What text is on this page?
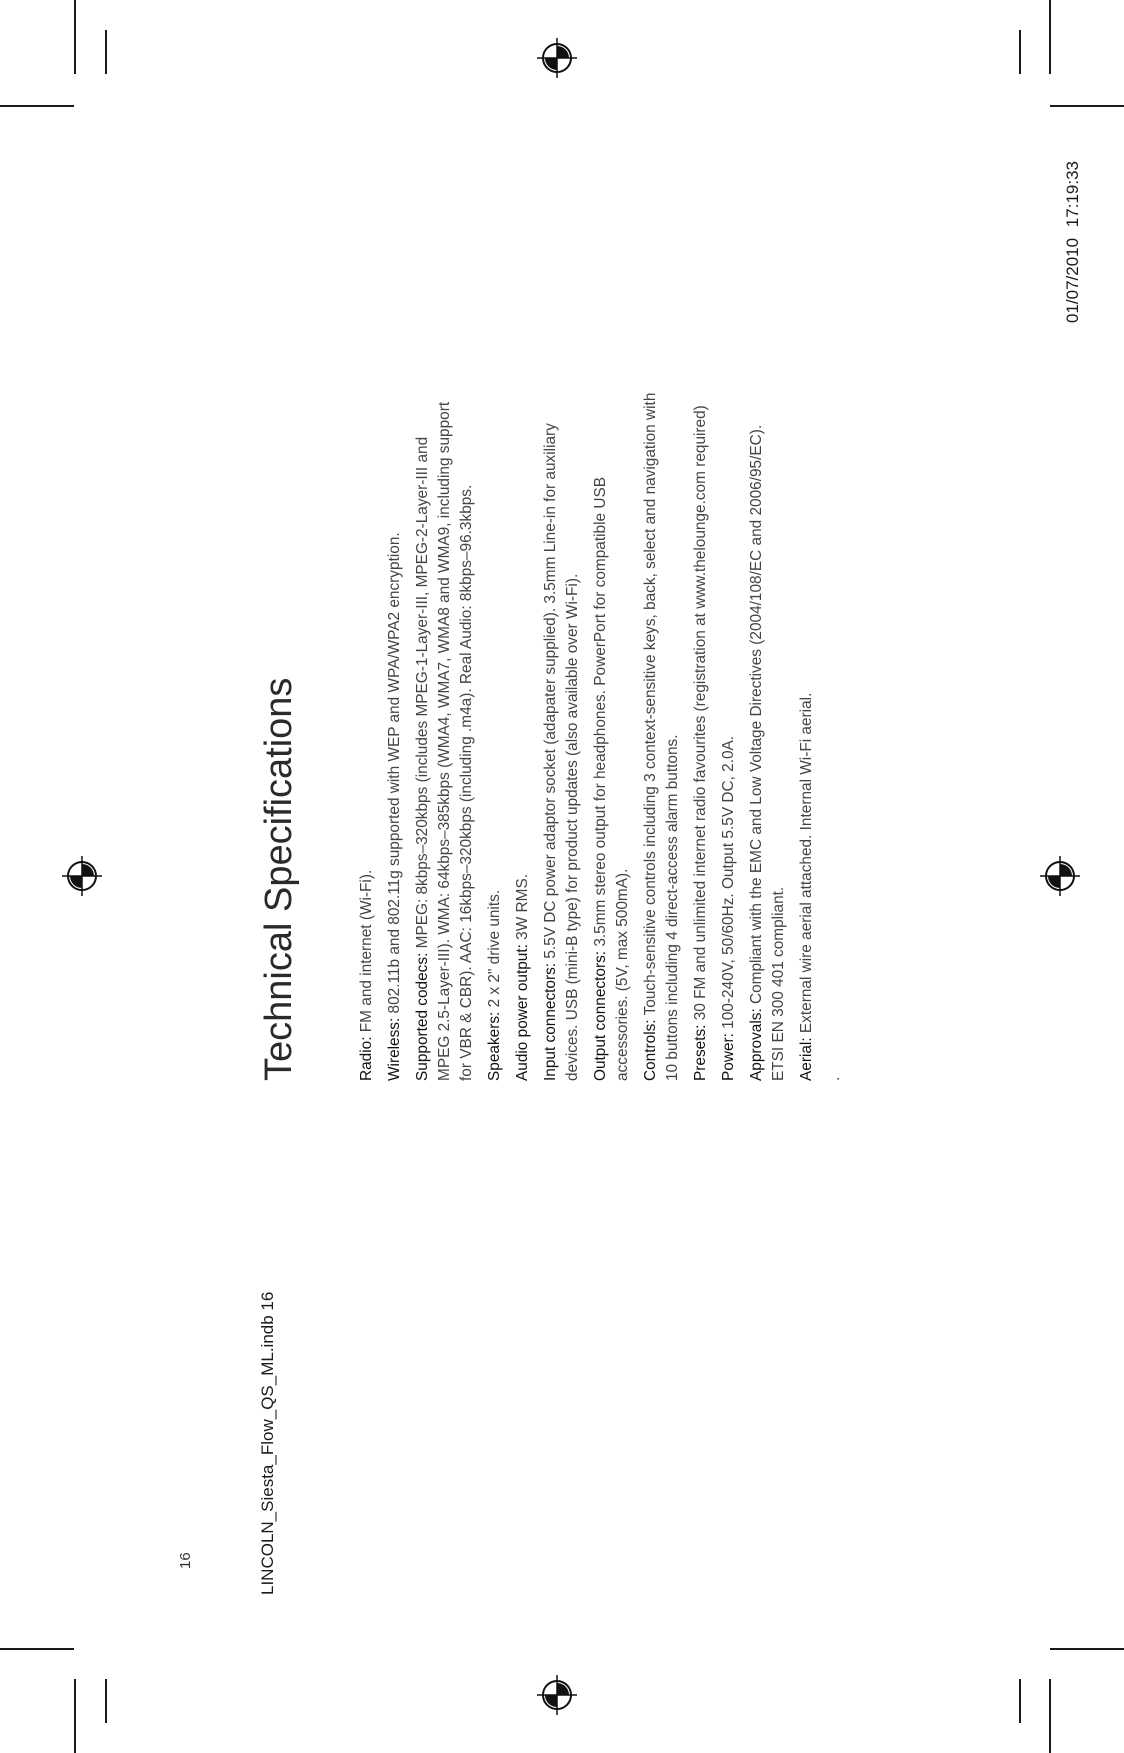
Technical Specifications	Radio: FM and internet (Wi-Fi).

Wireless: 802.11b and 802.11g supported with WEP and WPA/WPA2 encryption. Supported codecs: MPEG: 8kbps–320kbps (includes MPEG-1-Layer-III, MPEG-2-Layer-III and MPEG 2.5-Layer-III). WMA: 64kbps–385kbps (WMA4, WMA7, WMA8 and WMA9, including support for VBR & CBR). AAC: 16kbps–320kbps (including .m4a). Real Audio: 8kbps–96.3kbps. Speakers: 2 x 2" drive units. Audio power output: 3W RMS.

Input connectors: 5.5V DC power adaptor socket (adapater supplied). 3.5mm Line-in for auxiliary devices. USB (mini-B type) for product updates (also available over Wi-Fi). Output connectors: 3.5mm stereo output for headphones. PowerPort for compatible USB accessories. (5V, max 500mA). Controls: Touch-sensitive controls including 3 context-sensitive keys, back, select and navigation with 10 buttons including 4 direct-access alarm buttons. Presets: 30 FM and unlimited internet radio favourites (registration at www.thelounge.com required)

Power: 100-240V, 50/60Hz. Output 5.5V DC, 2.0A.

Approvals: Compliant with the EMC and Low Voltage Directives (2004/108/EC and 2006/95/EC). ETSI EN 300 401 compliant. Aerial: External wire aerial attached. Internal Wi-Fi aerial.

.

16	LINCOLN_Siesta_Flow_QS_ML.indb 16
01/07/2010 17:19:33
